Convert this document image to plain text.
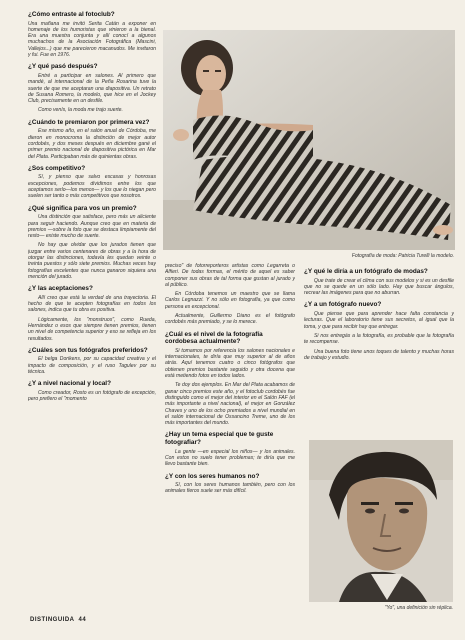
¿Cómo entraste al fotoclub?
Una mañana me invitó Serita Catán a exponer en homenaje de los humoristas que vinieron a la bienal. Era una muestra conjunta y allí conocí a algunos muchachos de la Asociación Fotográfica (Mascini, Vallejos...) que me parecieron macanudos. Me invitaron y fui. Fue en 1976.
¿Y qué pasó después?
Entré a participar en salones. Al primero que mandé, al internacional de la Peña Rosarina tuve la suerte de que me aceptaran una diapositiva. Un retrato de Susana Romero, la modelo, que hice en el Jockey Club, precisamente en un desfile.
Como venís, la moda me trajo suerte.
¿Cuándo te premiaron por primera vez?
Ese mismo año, en el salón anual de Córdoba, me dieron en monocroma la distinción de mejor autor cordobés, y dos meses después en diciembre gané el primer premio nacional de diapositiva pictórica en Mar del Plata. Participaban más de quinientas obras.
¿Sos competitivo?
Sí, y pienso que salvo escasas y honrosas excepciones, podemos dividirnos entre los que aceptamos serlo—los menos— y los que lo niegan pero suelen ser tanto o más competitivos que nosotros.
¿Qué significa para vos un premio?
Una distinción que satisface, pero más un aliciente para seguir haciendo. Aunque creo que en materia de premios —sobre la foto que se destaca limpiamente del resto— existe mucho de suerte.
No hay que olvidar que los jurados tienen que juzgar entre varios centenares de obras y a la hora de otorgar las distinciones, todavía les quedan veinte o treinta puestos y sólo siete premios. Muchas veces hay fotografías excelentes que nunca ganaron siquiera una mención del jurado.
¿Y las aceptaciones?
Allí creo que está la verdad de una trayectoria. El hecho de que te acepten fotografías en todos los salones, indica que tu obra es positiva.
Lógicamente, los "monstruos", como Rueda, Hernández o esos que siempre tienen premios, tienen un nivel de competencia superior y eso se refleja en los resultados.
¿Cuáles son tus fotógrafos preferidos?
El belga Dorikens, por su capacidad creativa y el impacto de composición, y el ruso Tagulev por su técnica.
¿Y a nivel nacional y local?
Como creador, Rosto es un fotógrafo de excepción, pero prefiero el "momento
Fotografía de moda: Patricia Turelli la modelo.
preciso" de fotorreporteros artistas como Legarreta o Alfieri. De todas formas, el mérito de aquel es saber componer sus obras de tal forma que gustan al jurado y al público.
En Córdoba tenemos un maestro que se llama Carlos Legnazzi. Y no sólo en fotografía, ya que como persona es excepcional.
Actualmente, Guillermo Diano es el fotógrafo cordobés más premiado, y se lo merece.
¿Cuál es el nivel de la fotografía cordobesa actualmente?
Si tomamos por referencia los salones nacionales e internacionales, te diría que muy superior al de años atrás. Aquí tenemos cuatro o cinco fotógrafos que obtienen premios bastante seguido y otra docena que está metiendo fotos en todos lados.
Te doy dos ejemplos. En Mar del Plata acabamos de ganar cinco premios este año, y el fotoclub cordobés fue distinguido como el mejor del interior en el Salón FAF (el más importante a nivel nacional), el mejor en González Chaves y uno de los ocho premiados a nivel mundial en el salón internacional de Ossancino Treme, uno de los más importantes del mundo.
¿Hay un tema especial que te guste fotografiar?
La gente —en especial los niños— y los animales. Con estos no suelo tener problemas; te diría que me llevo bastante bien.
¿Y con los seres humanos no?
Sí, con los seres humanos también, pero con los animales fieros suele ser más difícil.
¿Y qué le diría a un fotógrafo de modas?
Que trate de crear el clima con sus modelos y si es un desfile que no se quede en un sólo lado. Hay que buscar ángulos, recrear las imágenes para que no aburran.
¿Y a un fotógrafo nuevo?
Que piense que para aprender hace falta constancia y lecturas. Que el laboratorio tiene sus secretos, al igual que la toma, y que para recibir hay que entregar.
Si nos entregás a la fotografía, es probable que la fotografía te recompense.
Una buena foto tiene unos toques de talento y muchas horas de trabajo y estudio.
"Yo", una definición sin réplica.
DISTINGUIDA 44
